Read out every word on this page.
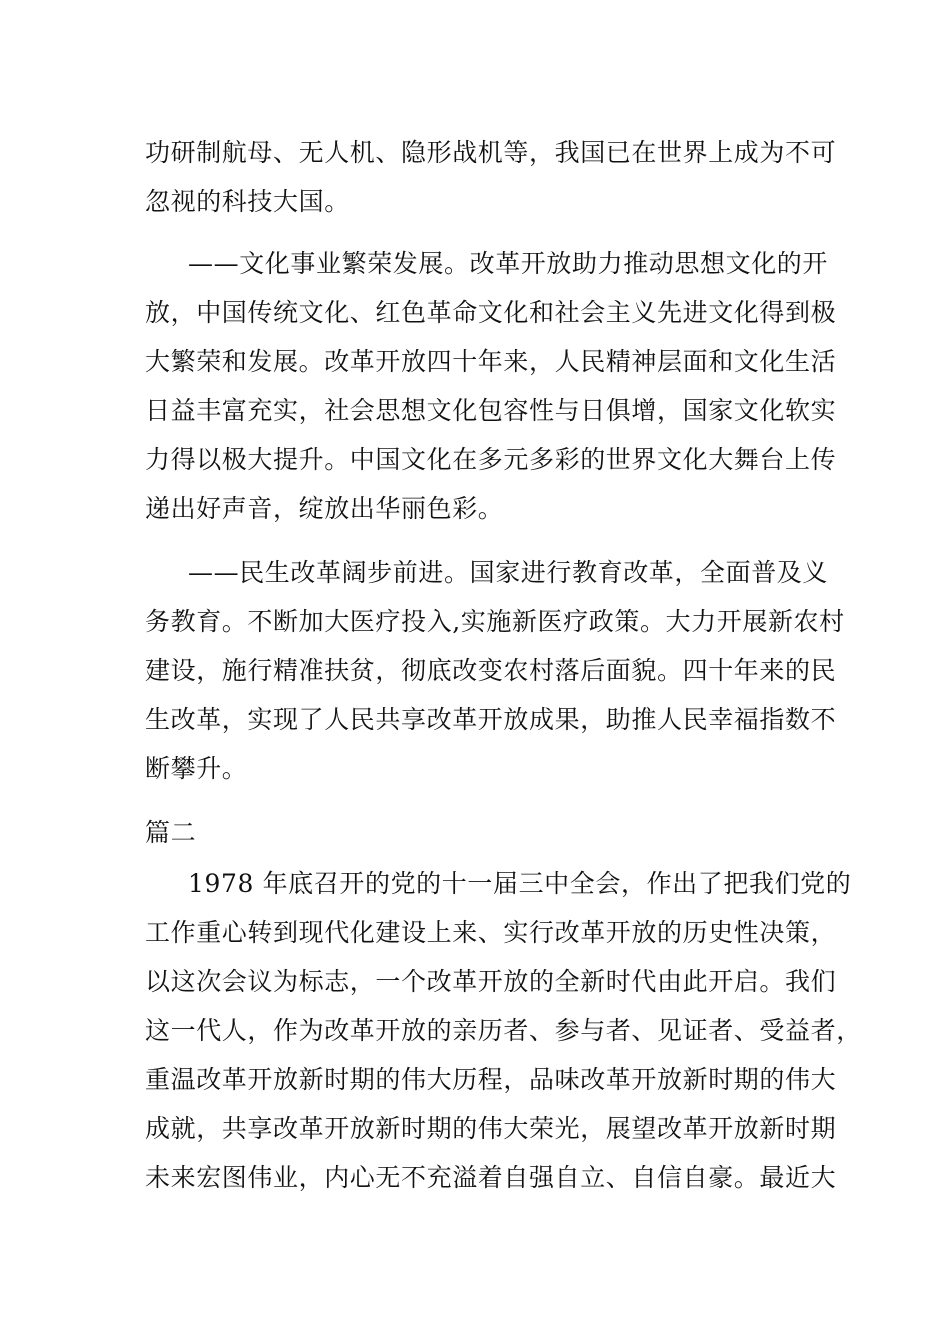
功研制航母、无人机、隐形战机等，我国已在世界上成为不可
忽视的科技大国。
——文化事业繁荣发展。改革开放助力推动思想文化的开
放，中国传统文化、红色革命文化和社会主义先进文化得到极
大繁荣和发展。改革开放四十年来，人民精神层面和文化生活
日益丰富充实，社会思想文化包容性与日俱增，国家文化软实
力得以极大提升。中国文化在多元多彩的世界文化大舞台上传
递出好声音，绽放出华丽色彩。
——民生改革阔步前进。国家进行教育改革，全面普及义
务教育。不断加大医疗投入,实施新医疗政策。大力开展新农村
建设，施行精准扶贫，彻底改变农村落后面貌。四十年来的民
生改革，实现了人民共享改革开放成果，助推人民幸福指数不
断攀升。
篇二
1978 年底召开的党的十一届三中全会，作出了把我们党的
工作重心转到现代化建设上来、实行改革开放的历史性决策，
以这次会议为标志，一个改革开放的全新时代由此开启。我们
这一代人，作为改革开放的亲历者、参与者、见证者、受益者，
重温改革开放新时期的伟大历程，品味改革开放新时期的伟大
成就，共享改革开放新时期的伟大荣光，展望改革开放新时期
未来宏图伟业，内心无不充溢着自强自立、自信自豪。最近大
